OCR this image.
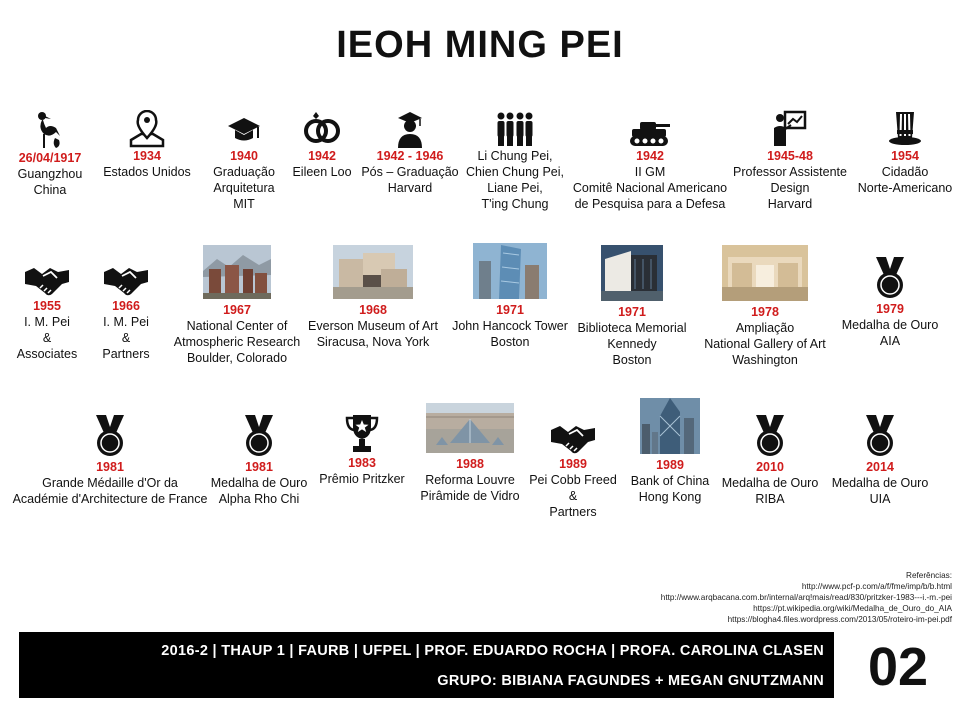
IEOH MING PEI
26/04/1917
Guangzhou
China
1934
Estados Unidos
1940
Graduação
Arquitetura
MIT
1942
Eileen Loo
1942 - 1946
Pós – Graduação
Harvard
Li Chung Pei,
Chien Chung Pei,
Liane Pei,
T'ing Chung
1942
II GM
Comitê Nacional Americano
de Pesquisa para a Defesa
1945-48
Professor Assistente
Design
Harvard
1954
Cidadão
Norte-Americano
1955
I. M. Pei
&
Associates
1966
I. M. Pei
&
Partners
1967
National Center of
Atmospheric Research
Boulder, Colorado
1968
Everson Museum of Art
Siracusa, Nova York
1971
John Hancock Tower
Boston
1971
Biblioteca Memorial
Kennedy
Boston
1978
Ampliação
National Gallery of Art
Washington
1979
Medalha de Ouro
AIA
1981
Grande Médaille d'Or da
Académie d'Architecture de France
1981
Medalha de Ouro
Alpha Rho Chi
1983
Prêmio Pritzker
1988
Reforma Louvre
Pirâmide de Vidro
1989
Pei Cobb Freed
&
Partners
1989
Bank of China
Hong Kong
2010
Medalha de Ouro
RIBA
2014
Medalha de Ouro
UIA
Referências:
http://www.pcf-p.com/a/f/fme/imp/b/b.html
http://www.arqbacana.com.br/internal/arq!mais/read/830/pritzker-1983---i.-m.-pei
https://pt.wikipedia.org/wiki/Medalha_de_Ouro_do_AIA
https://blogha4.files.wordpress.com/2013/05/roteiro-im-pei.pdf
2016-2 | THAUP 1 | FAURB | UFPEL | PROF. EDUARDO ROCHA | PROFA. CAROLINA CLASEN
GRUPO: BIBIANA FAGUNDES + MEGAN GNUTZMANN 02
